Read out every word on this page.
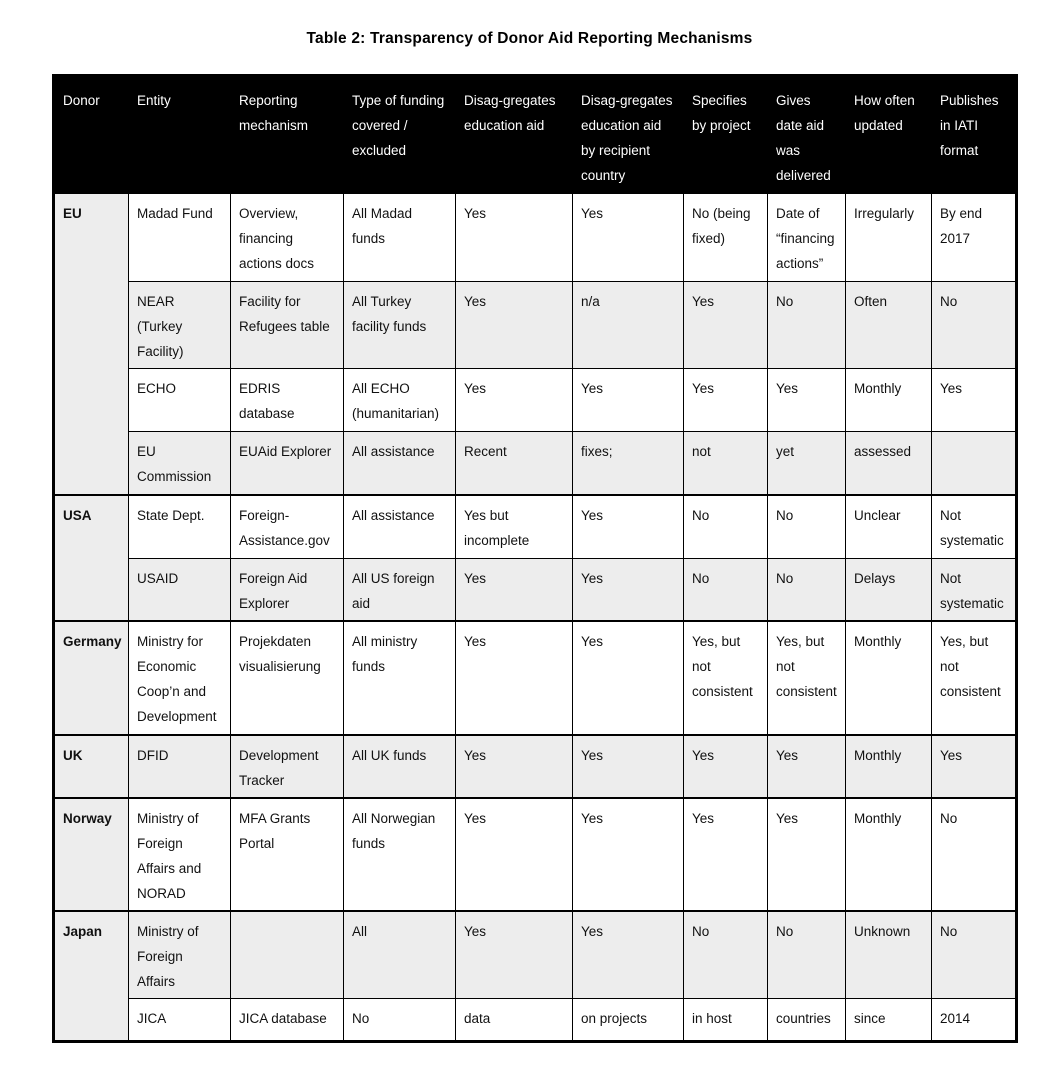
Table 2: Transparency of Donor Aid Reporting Mechanisms
Donor	Entity	Reporting mechanism	Type of funding covered / excluded	Disag-gregates education aid	Disag-gregates education aid by recipient country	Specifies by project	Gives date aid was delivered	How often updated	Publishes in IATI format
EU	Madad Fund	Overview, financing actions docs	All Madad funds	Yes	Yes	No (being fixed)	Date of “financing actions”	Irregularly	By end 2017
	NEAR (Turkey Facility)	Facility for Refugees table	All Turkey facility funds	Yes	n/a	Yes	No	Often	No
	ECHO	EDRIS database	All ECHO (humanitarian)	Yes	Yes	Yes	Yes	Monthly	Yes
	EU Commission	EUAid Explorer	All assistance	Recent	fixes;	not	yet	assessed	
USA	State Dept.	Foreign-Assistance.gov	All assistance	Yes but incomplete	Yes	No	No	Unclear	Not systematic
	USAID	Foreign Aid Explorer	All US foreign aid	Yes	Yes	No	No	Delays	Not systematic
Germany	Ministry for Economic Coop’n and Development	Projekdaten visualisierung	All ministry funds	Yes	Yes	Yes, but not consistent	Yes, but not consistent	Monthly	Yes, but not consistent
UK	DFID	Development Tracker	All UK funds	Yes	Yes	Yes	Yes	Monthly	Yes
Norway	Ministry of Foreign Affairs and NORAD	MFA Grants Portal	All Norwegian funds	Yes	Yes	Yes	Yes	Monthly	No
Japan	Ministry of Foreign Affairs		All	Yes	Yes	No	No	Unknown	No
	JICA	JICA database	No	data	on projects	in host	countries	since	2014
